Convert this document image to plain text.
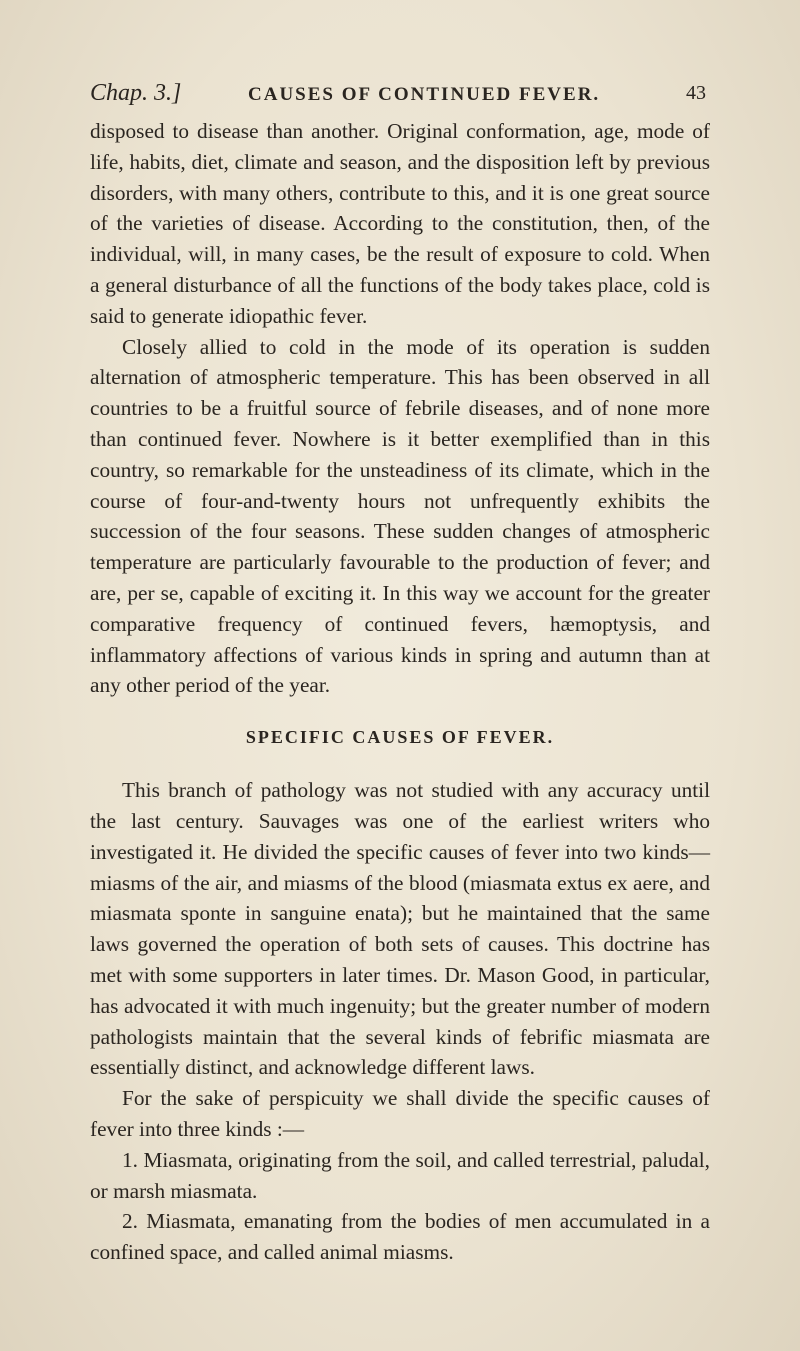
Chap. 3.]	CAUSES OF CONTINUED FEVER.	43

disposed to disease than another. Original conformation, age, mode of life, habits, diet, climate and season, and the disposition left by previous disorders, with many others, contribute to this, and it is one great source of the varieties of disease. According to the constitution, then, of the individual, will, in many cases, be the result of exposure to cold. When a general disturbance of all the functions of the body takes place, cold is said to generate idiopathic fever.

Closely allied to cold in the mode of its operation is sudden alternation of atmospheric temperature. This has been observed in all countries to be a fruitful source of febrile diseases, and of none more than continued fever. Nowhere is it better exemplified than in this country, so remarkable for the unsteadiness of its climate, which in the course of four-and-twenty hours not unfrequently exhibits the succession of the four seasons. These sudden changes of atmospheric temperature are particularly favourable to the production of fever; and are, per se, capable of exciting it. In this way we account for the greater comparative frequency of continued fevers, hæmoptysis, and inflammatory affections of various kinds in spring and autumn than at any other period of the year.

SPECIFIC CAUSES OF FEVER.

This branch of pathology was not studied with any accuracy until the last century. Sauvages was one of the earliest writers who investigated it. He divided the specific causes of fever into two kinds—miasms of the air, and miasms of the blood (miasmata extus ex aere, and miasmata sponte in sanguine enata); but he maintained that the same laws governed the operation of both sets of causes. This doctrine has met with some supporters in later times. Dr. Mason Good, in particular, has advocated it with much ingenuity; but the greater number of modern pathologists maintain that the several kinds of febrific miasmata are essentially distinct, and acknowledge different laws.

For the sake of perspicuity we shall divide the specific causes of fever into three kinds :—

1. Miasmata, originating from the soil, and called terrestrial, paludal, or marsh miasmata.

2. Miasmata, emanating from the bodies of men accumulated in a confined space, and called animal miasms.
